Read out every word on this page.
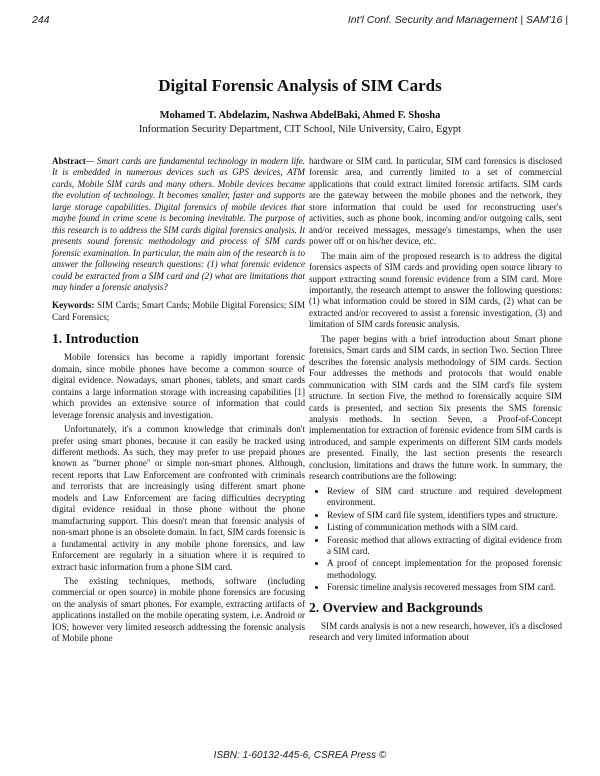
244	Int'l Conf. Security and Management | SAM'16 |
Digital Forensic Analysis of SIM Cards
Mohamed T. Abdelazim, Nashwa AbdelBaki, Ahmed F. Shosha
Information Security Department, CIT School, Nile University, Cairo, Egypt

Abstract— Smart cards are fundamental technology in modern life. It is embedded in numerous devices such as GPS devices, ATM cards, Mobile SIM cards and many others. Mobile devices became the evolution of technology. It becomes smaller, faster and supports large storage capabilities. Digital forensics of mobile devices that maybe found in crime scene is becoming inevitable. The purpose of this research is to address the SIM cards digital forensics analysis. It presents sound forensic methodology and process of SIM cards forensic examination. In particular, the main aim of the research is to answer the following research questions: (1) what forensic evidence could be extracted from a SIM card and (2) what are limitations that may hinder a forensic analysis?

Keywords: SIM Cards; Smart Cards; Mobile Digital Forensics; SIM Card Forensics;

1. Introduction

Mobile forensics has become a rapidly important forensic domain, since mobile phones have become a common source of digital evidence. Nowadays, smart phones, tablets, and smart cards contains a large information storage with increasing capabilities [1] which provides an extensive source of information that could leverage forensic analysis and investigation.

Unfortunately, it's a common knowledge that criminals don't prefer using smart phones, because it can easily be tracked using different methods. As such, they may prefer to use prepaid phones known as "burner phone" or simple non-smart phones. Although, recent reports that Law Enforcement are confronted with criminals and terrorists that are increasingly using different smart phone models and Law Enforcement are facing difficulties decrypting digital evidence residual in those phone without the phone manufacturing support. This doesn't mean that forensic analysis of non-smart phone is an obsolete domain. In fact, SIM cards forensic is a fundamental activity in any mobile phone forensics, and law Enforcement are regularly in a situation where it is required to extract basic information from a phone SIM card.

The existing techniques, methods, software (including commercial or open source) in mobile phone forensics are focusing on the analysis of smart phones. For example, extracting artifacts of applications installed on the mobile operating system, i.e. Android or IOS; however very limited research addressing the forensic analysis of Mobile phone

hardware or SIM card. In particular, SIM card forensics is disclosed forensic area, and currently limited to a set of commercial applications that could extract limited forensic artifacts. SIM cards are the gateway between the mobile phones and the network, they store information that could be used for reconstructing user's activities, such as phone book, incoming and/or outgoing calls, sent and/or received messages, message's timestamps, when the user power off or on his/her device, etc.

The main aim of the proposed research is to address the digital forensics aspects of SIM cards and providing open source library to support extracting sound forensic evidence from a SIM card. More importantly, the research attempt to answer the following questions: (1) what information could be stored in SIM cards, (2) what can be extracted and/or recovered to assist a forensic investigation, (3) and limitation of SIM cards forensic analysis.

The paper begins with a brief introduction about Smart phone forensics, Smart cards and SIM cards, in section Two. Section Three describes the forensic analysis methodology of SIM cards. Section Four addresses the methods and protocols that would enable communication with SIM cards and the SIM card's file system structure. In section Five, the method to forensically acquire SIM cards is presented, and section Six presents the SMS forensic analysis methods. In section Seven, a Proof-of-Concept implementation for extraction of forensic evidence from SIM cards is introduced, and sample experiments on different SIM cards models are presented. Finally, the last section presents the research conclusion, limitations and draws the future work. In summary, the research contributions are the following:

• Review of SIM card structure and required development environment.
• Review of SIM card file system, identifiers types and structure.
• Listing of communication methods with a SIM card.
• Forensic method that allows extracting of digital evidence from a SIM card.
• A proof of concept implementation for the proposed forensic methodology.
• Forensic timeline analysis recovered messages from SIM card.
2. Overview and Backgrounds

SIM cards analysis is not a new research, however, it's a disclosed research and very limited information about

ISBN: 1-60132-445-6, CSREA Press ©
